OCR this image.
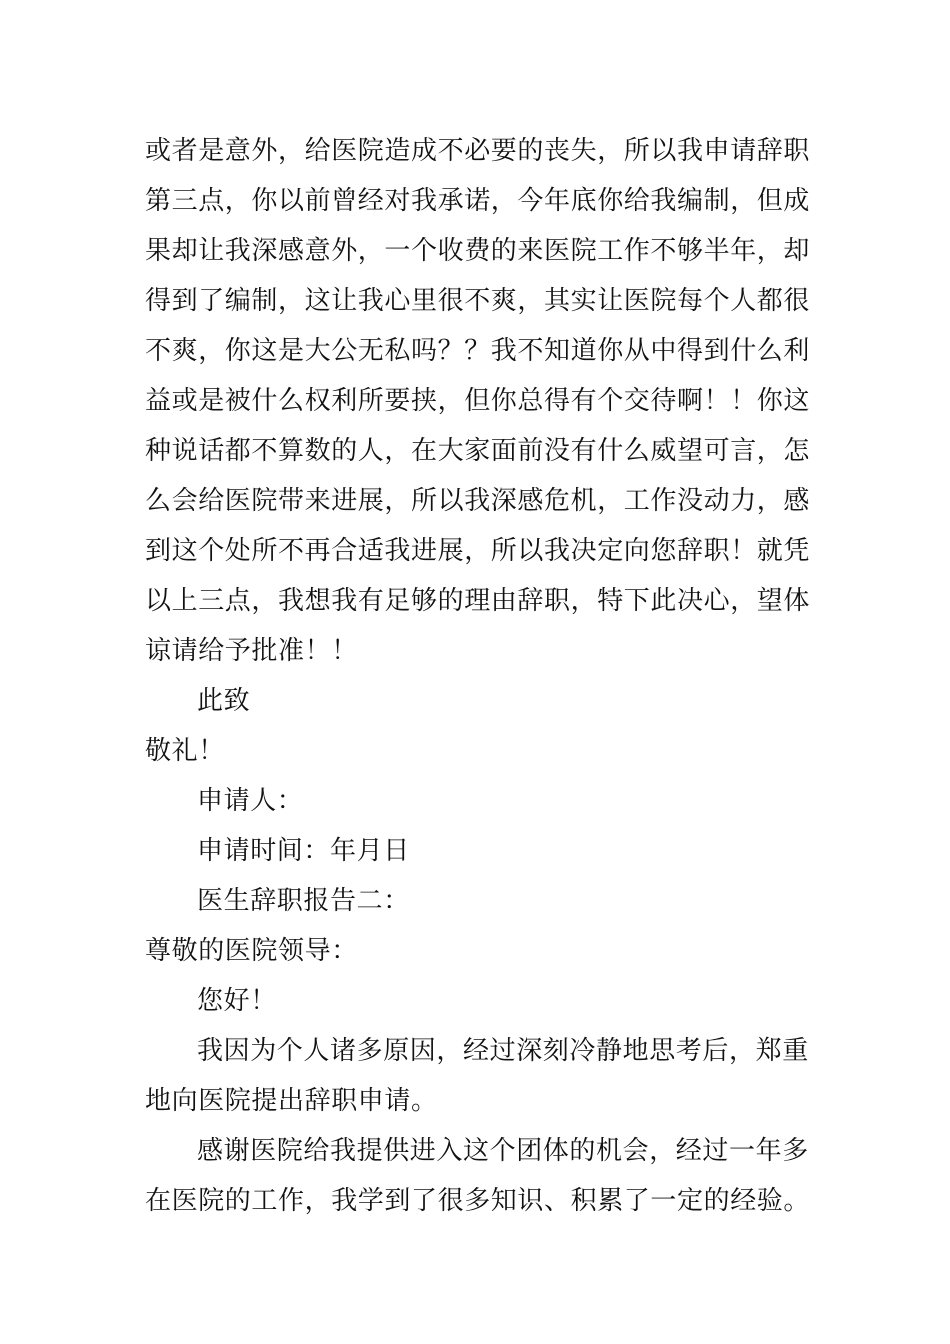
或者是意外，给医院造成不必要的丧失，所以我申请辞职
第三点，你以前曾经对我承诺，今年底你给我编制，但成
果却让我深感意外，一个收费的来医院工作不够半年，却
得到了编制，这让我心里很不爽，其实让医院每个人都很
不爽，你这是大公无私吗？？我不知道你从中得到什么利
益或是被什么权利所要挟，但你总得有个交待啊！！你这
种说话都不算数的人，在大家面前没有什么威望可言，怎
么会给医院带来进展，所以我深感危机，工作没动力，感
到这个处所不再合适我进展，所以我决定向您辞职！就凭
以上三点，我想我有足够的理由辞职，特下此决心，望体
谅请给予批准！！
此致
敬礼！
申请人：
申请时间：年月日
医生辞职报告二：
尊敬的医院领导：
您好！
我因为个人诸多原因，经过深刻冷静地思考后，郑重
地向医院提出辞职申请。
感谢医院给我提供进入这个团体的机会，经过一年多
在医院的工作，我学到了很多知识、积累了一定的经验。
